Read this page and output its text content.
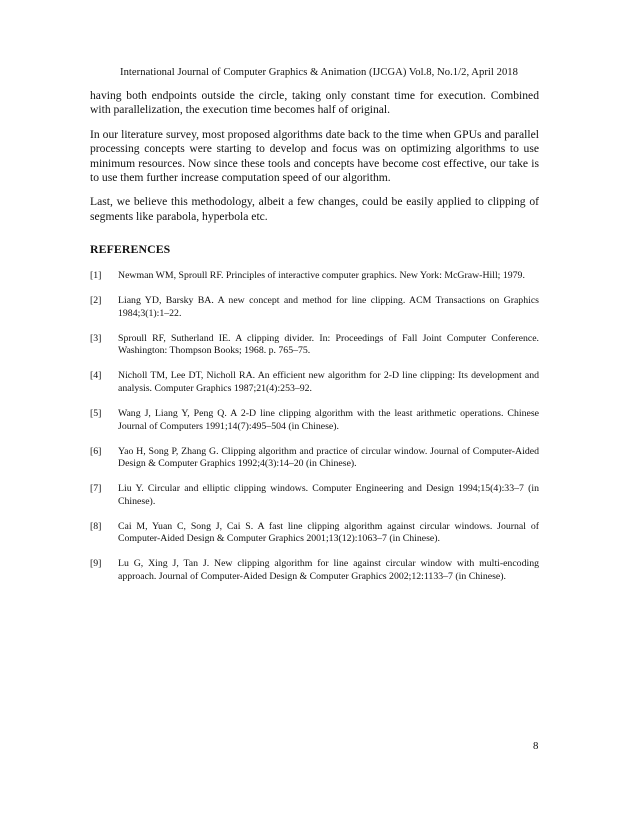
International Journal of Computer Graphics & Animation (IJCGA) Vol.8, No.1/2, April 2018

having both endpoints outside the circle, taking only constant time for execution. Combined with parallelization, the execution time becomes half of original.

In our literature survey, most proposed algorithms date back to the time when GPUs and parallel processing concepts were starting to develop and focus was on optimizing algorithms to use minimum resources. Now since these tools and concepts have become cost effective, our take is to use them further increase computation speed of our algorithm.

Last, we believe this methodology, albeit a few changes, could be easily applied to clipping of segments like parabola, hyperbola etc.

REFERENCES
[1] Newman WM, Sproull RF. Principles of interactive computer graphics. New York: McGraw-Hill; 1979.
[2] Liang YD, Barsky BA. A new concept and method for line clipping. ACM Transactions on Graphics 1984;3(1):1–22.
[3] Sproull RF, Sutherland IE. A clipping divider. In: Proceedings of Fall Joint Computer Conference. Washington: Thompson Books; 1968. p. 765–75.
[4] Nicholl TM, Lee DT, Nicholl RA. An efficient new algorithm for 2-D line clipping: Its development and analysis. Computer Graphics 1987;21(4):253–92.
[5] Wang J, Liang Y, Peng Q. A 2-D line clipping algorithm with the least arithmetic operations. Chinese Journal of Computers 1991;14(7):495–504 (in Chinese).
[6] Yao H, Song P, Zhang G. Clipping algorithm and practice of circular window. Journal of Computer-Aided Design & Computer Graphics 1992;4(3):14–20 (in Chinese).
[7] Liu Y. Circular and elliptic clipping windows. Computer Engineering and Design 1994;15(4):33–7 (in Chinese).
[8] Cai M, Yuan C, Song J, Cai S. A fast line clipping algorithm against circular windows. Journal of Computer-Aided Design & Computer Graphics 2001;13(12):1063–7 (in Chinese).
[9] Lu G, Xing J, Tan J. New clipping algorithm for line against circular window with multi-encoding approach. Journal of Computer-Aided Design & Computer Graphics 2002;12:1133–7 (in Chinese).
8
